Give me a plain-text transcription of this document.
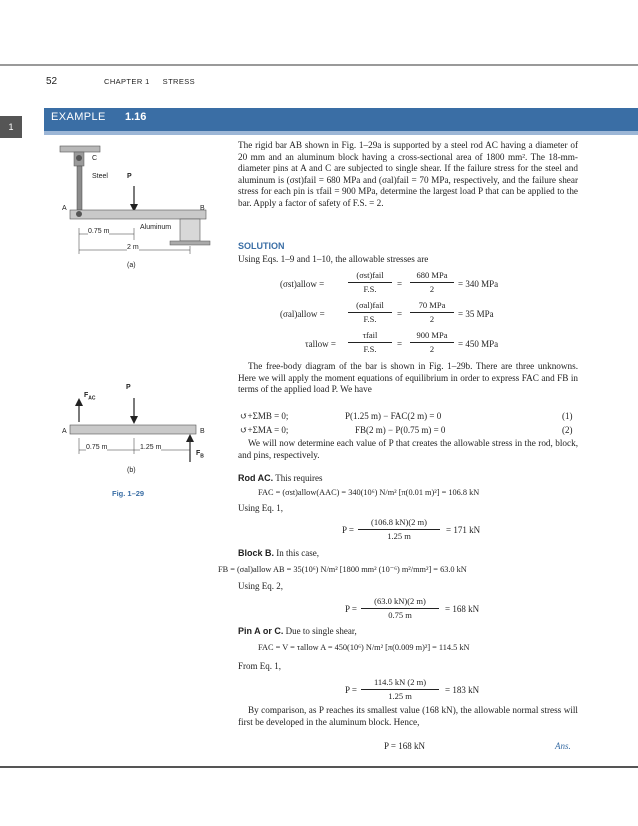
52	CHAPTER 1 STRESS
1
EXAMPLE 1.16
C
Steel	P
A	B
Aluminum
0.75 m
2 m
(a)
$F_{AC}$
P
A	B
$F_B$
0.75 m	1.25 m
(b)
Fig. 1–29
The rigid bar AB shown in Fig. 1–29a is supported by a steel rod AC having a diameter of 20 mm and an aluminum block having a cross-sectional area of 1800 mm². The 18-mm-diameter pins at A and C are subjected to single shear. If the failure stress for the steel and aluminum is (σst)fail = 680 MPa and (σal)fail = 70 MPa, respectively, and the failure shear stress for each pin is τfail = 900 MPa, determine the largest load P that can be applied to the bar. Apply a factor of safety of F.S. = 2.
SOLUTION
Using Eqs. 1–9 and 1–10, the allowable stresses are
(σst)allow =
(σst)fail
F.S.	=
680 MPa
2	= 340 MPa
(σal)allow =
(σal)fail
F.S.	=
70 MPa
2	= 35 MPa
τallow =
τfail
F.S.	=
900 MPa
2	= 450 MPa
The free-body diagram of the bar is shown in Fig. 1–29b. There are three unknowns. Here we will apply the moment equations of equilibrium in order to express FAC and FB in terms of the applied load P. We have
↺+ΣMB = 0;	P(1.25 m) − FAC(2 m) = 0	(1)
↺+ΣMA = 0;	FB(2 m) − P(0.75 m) = 0	(2)
We will now determine each value of P that creates the allowable stress in the rod, block, and pins, respectively.
Rod AC. This requires
FAC = (σst)allow(AAC) = 340(10⁶) N/m² [π(0.01 m)²] = 106.8 kN
Using Eq. 1,
P =
(106.8 kN)(2 m)
1.25 m
= 171 kN
Block B. In this case,
FB = (σal)allow AB = 35(10⁶) N/m² [1800 mm² (10⁻⁶) m²/mm²] = 63.0 kN
Using Eq. 2,
P =
(63.0 kN)(2 m)
0.75 m
= 168 kN
Pin A or C. Due to single shear,
FAC = V = τallow A = 450(10⁶) N/m² [π(0.009 m)²] = 114.5 kN
From Eq. 1,
P =
114.5 kN (2 m)
1.25 m
= 183 kN
By comparison, as P reaches its smallest value (168 kN), the allowable normal stress will first be developed in the aluminum block. Hence,
P = 168 kN	Ans.
